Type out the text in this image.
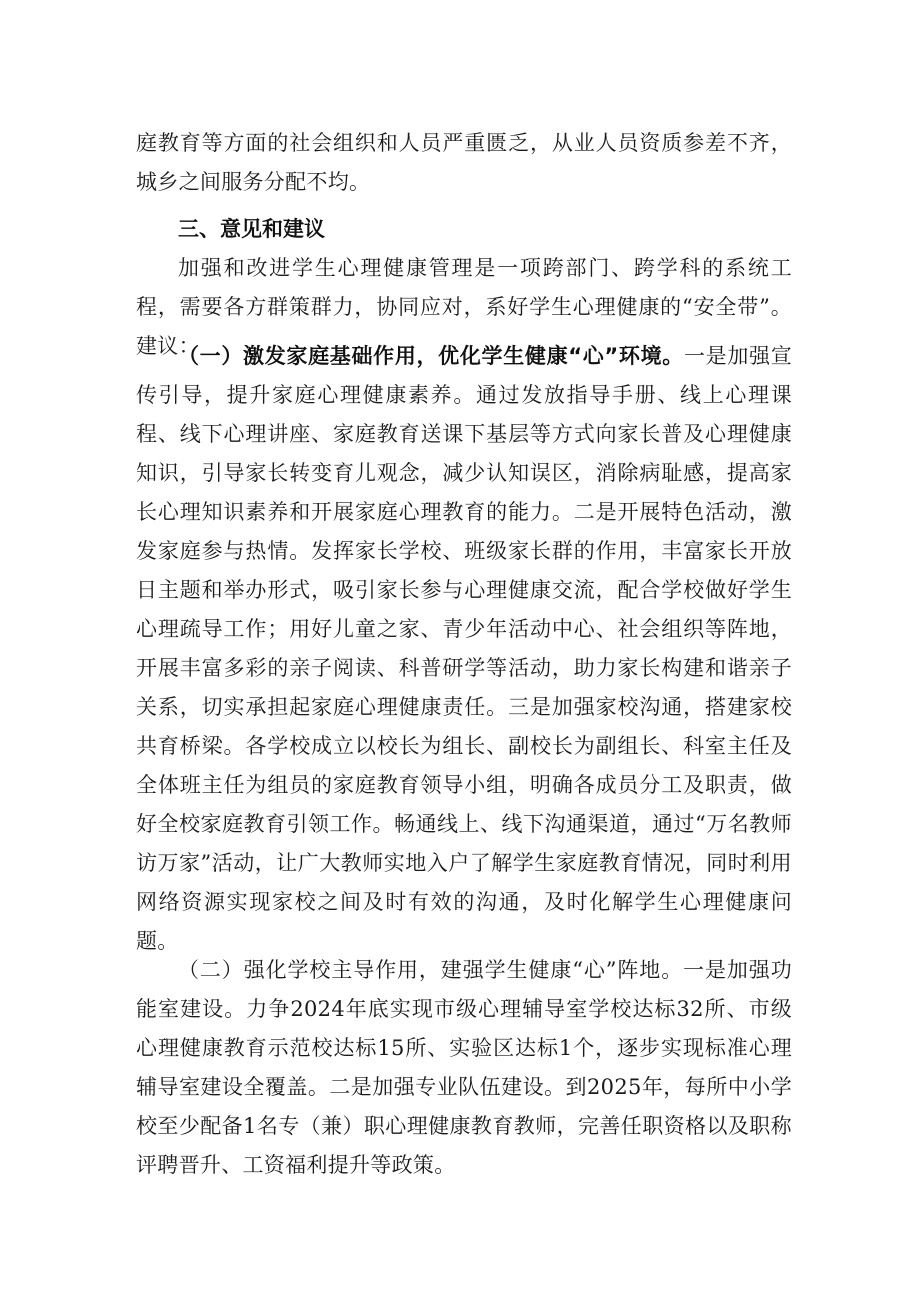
庭教育等方面的社会组织和人员严重匮乏，从业人员资质参差不齐，城乡之间服务分配不均。
三、意见和建议
加强和改进学生心理健康管理是一项跨部门、跨学科的系统工程，需要各方群策群力，协同应对，系好学生心理健康的“安全带”。建议：
（一）激发家庭基础作用，优化学生健康“心”环境。一是加强宣传引导，提升家庭心理健康素养。通过发放指导手册、线上心理课程、线下心理讲座、家庭教育送课下基层等方式向家长普及心理健康知识，引导家长转变育儿观念，减少认知误区，消除病耻感，提高家长心理知识素养和开展家庭心理教育的能力。二是开展特色活动，激发家庭参与热情。发挥家长学校、班级家长群的作用，丰富家长开放日主题和举办形式，吸引家长参与心理健康交流，配合学校做好学生心理疏导工作；用好儿童之家、青少年活动中心、社会组织等阵地，开展丰富多彩的亲子阅读、科普研学等活动，助力家长构建和谐亲子关系，切实承担起家庭心理健康责任。三是加强家校沟通，搭建家校共育桥梁。各学校成立以校长为组长、副校长为副组长、科室主任及全体班主任为组员的家庭教育领导小组，明确各成员分工及职责，做好全校家庭教育引领工作。畅通线上、线下沟通渠道，通过“万名教师访万家”活动，让广大教师实地入户了解学生家庭教育情况，同时利用网络资源实现家校之间及时有效的沟通，及时化解学生心理健康问题。
（二）强化学校主导作用，建强学生健康“心”阵地。一是加强功能室建设。力争2024年底实现市级心理辅导室学校达标32所、市级心理健康教育示范校达标15所、实验区达标1个，逐步实现标准心理辅导室建设全覆盖。二是加强专业队伍建设。到2025年，每所中小学校至少配备1名专（兼）职心理健康教育教师，完善任职资格以及职称评聘晋升、工资福利提升等政策。
